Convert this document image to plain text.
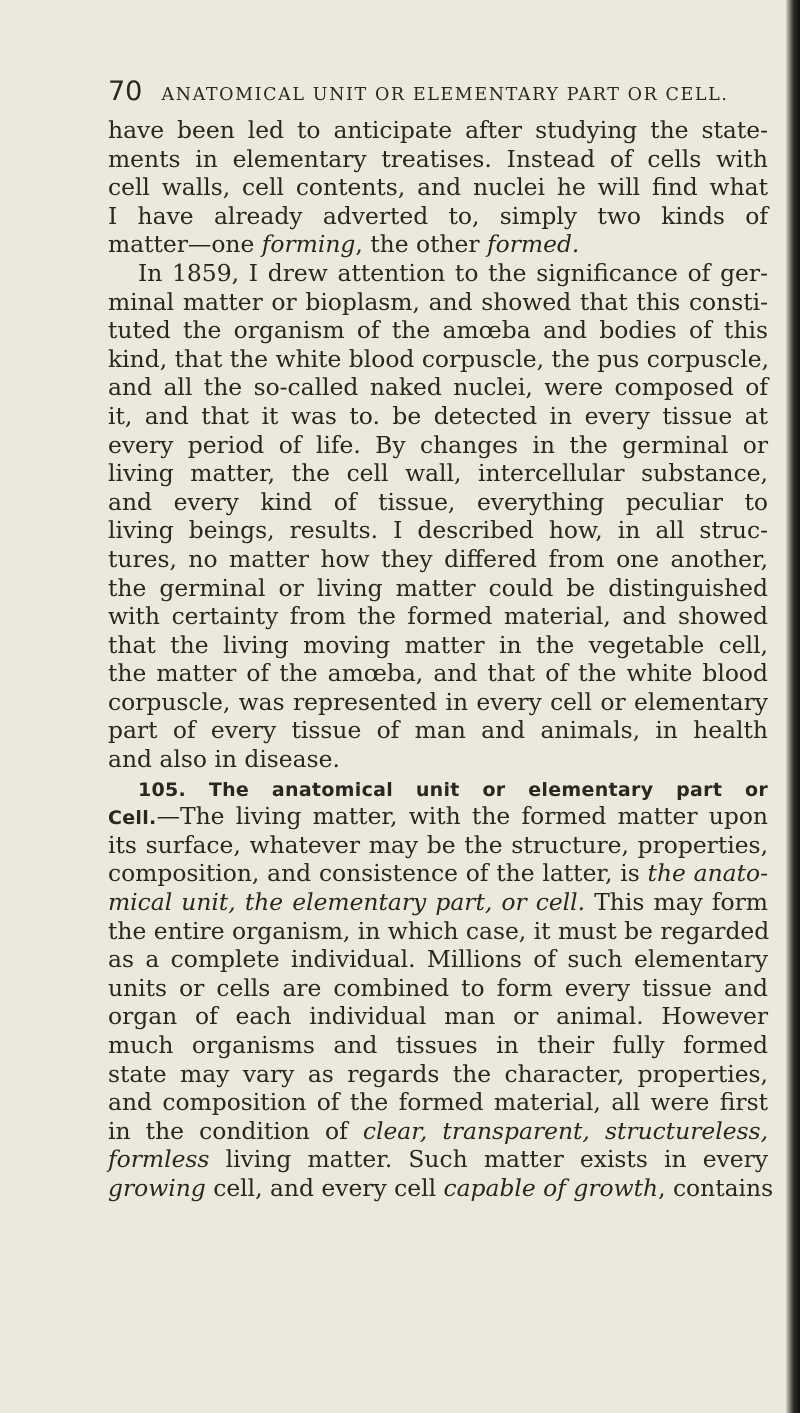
70 ANATOMICAL UNIT OR ELEMENTARY PART OR CELL.
have been led to anticipate after studying the state-
ments in elementary treatises. Instead of cells with
cell walls, cell contents, and nuclei he will find what
I have already adverted to, simply two kinds of
matter—one forming, the other formed.
In 1859, I drew attention to the significance of ger-
minal matter or bioplasm, and showed that this consti-
tuted the organism of the amœba and bodies of this
kind, that the white blood corpuscle, the pus corpuscle,
and all the so-called naked nuclei, were composed of
it, and that it was to. be detected in every tissue at
every period of life. By changes in the germinal or
living matter, the cell wall, intercellular substance,
and every kind of tissue, everything peculiar to
living beings, results. I described how, in all struc-
tures, no matter how they differed from one another,
the germinal or living matter could be distinguished
with certainty from the formed material, and showed
that the living moving matter in the vegetable cell,
the matter of the amœba, and that of the white blood
corpuscle, was represented in every cell or elementary
part of every tissue of man and animals, in health
and also in disease.
105. The anatomical unit or elementary part or
Cell.—The living matter, with the formed matter upon
its surface, whatever may be the structure, properties,
composition, and consistence of the latter, is the anato-
mical unit, the elementary part, or cell. This may form
the entire organism, in which case, it must be regarded
as a complete individual. Millions of such elementary
units or cells are combined to form every tissue and
organ of each individual man or animal. However
much organisms and tissues in their fully formed
state may vary as regards the character, properties,
and composition of the formed material, all were first
in the condition of clear, transparent, structureless,
formless living matter. Such matter exists in every
growing cell, and every cell capable of growth, contains
